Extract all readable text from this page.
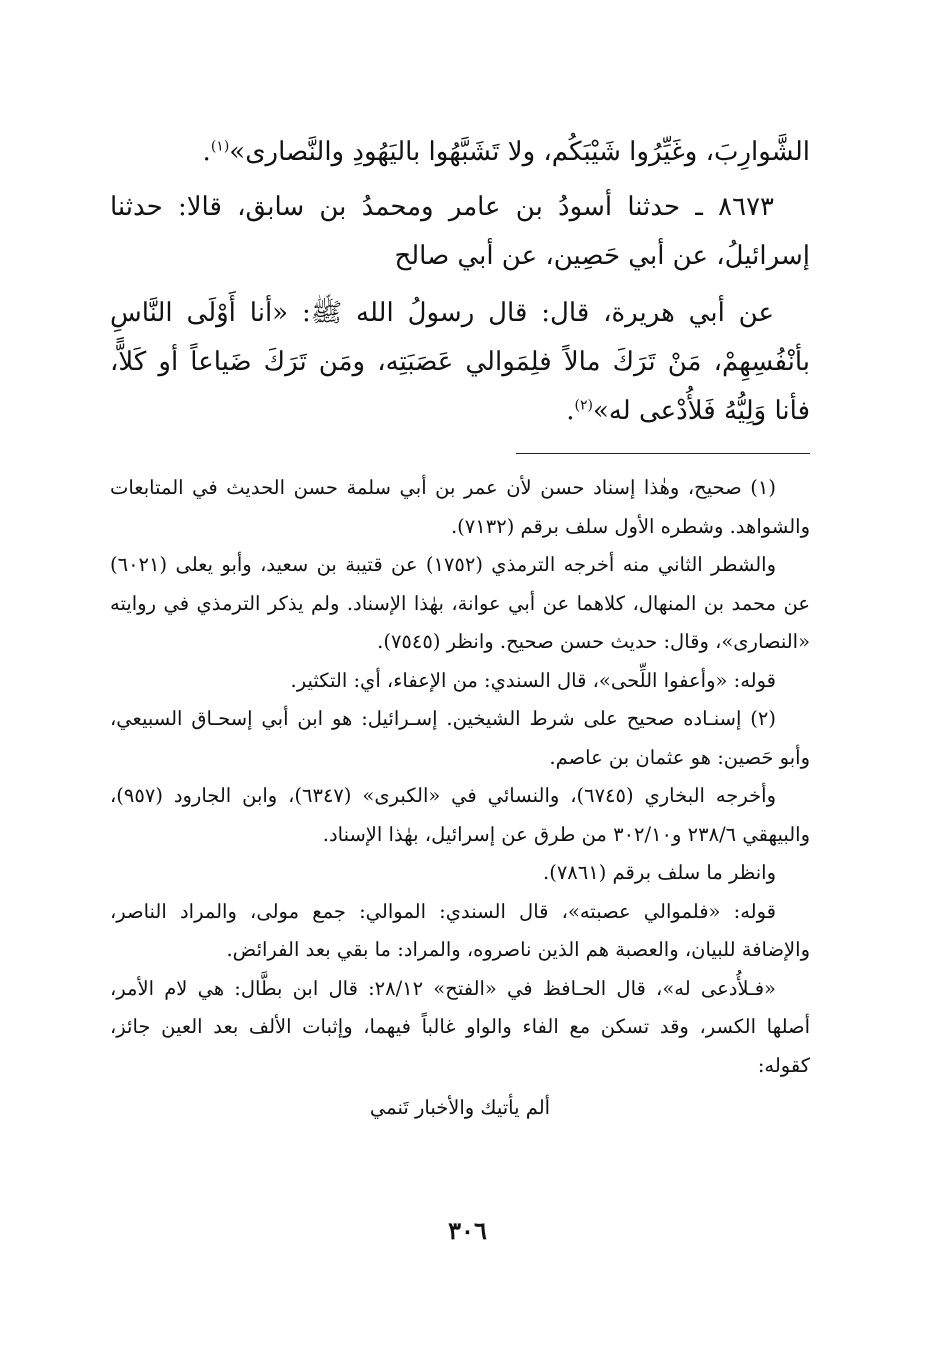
الشَّوارِبَ، وغَيِّرُوا شَيْبَكُم، ولا تَشَبَّهُوا باليَهُودِ والنَّصارى»$^{(١)}$.

٨٦٧٣ ـ حدثنا أسودُ بن عامر ومحمدُ بن سابق، قالا: حدثنا إسرائيلُ، عن أبي حَصِين، عن أبي صالح

عن أبي هريرة، قال: قال رسولُ الله ﷺ: «أنا أَوْلَى النَّاسِ بأنْفُسِهِمْ، مَنْ تَرَكَ مالاً فلِمَوالي عَصَبَتِه، ومَن تَرَكَ ضَياعاً أو كَلاًّ، فأنا وَلِيُّهُ فَلأُدْعى له»$^{(٢)}$.

(١) صحيح، وهٰذا إسناد حسن لأن عمر بن أبي سلمة حسن الحديث في المتابعات والشواهد. وشطره الأول سلف برقم (٧١٣٢).

والشطر الثاني منه أخرجه الترمذي (١٧٥٢) عن قتيبة بن سعيد، وأبو يعلى (٦٠٢١) عن محمد بن المنهال، كلاهما عن أبي عوانة، بهٰذا الإسناد. ولم يذكر الترمذي في روايته «النصارى»، وقال: حديث حسن صحيح. وانظر (٧٥٤٥).

قوله: «وأعفوا اللِّحى»، قال السندي: من الإعفاء، أي: التكثير.

(٢) إسنـاده صحيح على شرط الشيخين. إسـرائيل: هو ابن أبي إسحـاق السبيعي، وأبو حَصين: هو عثمان بن عاصم.

وأخرجه البخاري (٦٧٤٥)، والنسائي في «الكبرى» (٦٣٤٧)، وابن الجارود (٩٥٧)، والبيهقي ٢٣٨/٦ و٣٠٢/١٠ من طرق عن إسرائيل، بهٰذا الإسناد.

وانظر ما سلف برقم (٧٨٦١).

قوله: «فلموالي عصبته»، قال السندي: الموالي: جمع مولى، والمراد الناصر، والإضافة للبيان، والعصبة هم الذين ناصروه، والمراد: ما بقي بعد الفرائض.

«فـلأُدعى له»، قال الحـافظ في «الفتح» ٢٨/١٢: قال ابن بطَّال: هي لام الأمر، أصلها الكسر، وقد تسكن مع الفاء والواو غالباً فيهما، وإثبات الألف بعد العين جائز، كقوله:

ألم يأتيك والأخبار تَنمي

٣٠٦
